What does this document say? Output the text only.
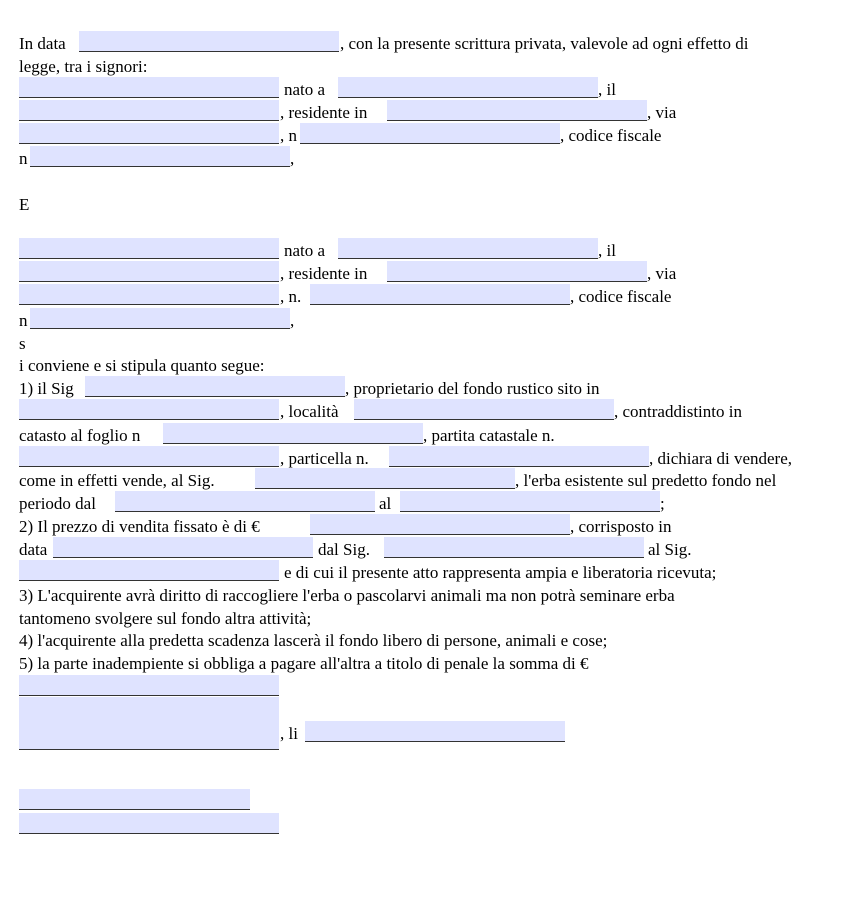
In data	, con la presente scrittura privata, valevole ad ogni effetto di
legge, tra i signori:
nato a	, il
, residente in	, via
, n	, codice fiscale
n	,
E
nato a	, il
, residente in	, via
, n.	, codice fiscale
n	,
s
i conviene e si stipula quanto segue:
1) il Sig	, proprietario del fondo rustico sito in
, località	, contraddistinto in
catasto al foglio n	, partita catastale n.
, particella n.	, dichiara di vendere,
come in effetti vende, al Sig.	, l'erba esistente sul predetto fondo nel
periodo dal	al	;
2) Il prezzo di vendita fissato è di €	, corrisposto in
data	dal Sig.	al Sig.
e di cui il presente atto rappresenta ampia e liberatoria ricevuta;
3) L'acquirente avrà diritto di raccogliere l'erba o pascolarvi animali ma non potrà seminare erba
tantomeno svolgere sul fondo altra attività;
4) l'acquirente alla predetta scadenza lascerà il fondo libero di persone, animali e cose;
5) la parte inadempiente si obbliga a pagare all'altra a titolo di penale la somma di €
, li
